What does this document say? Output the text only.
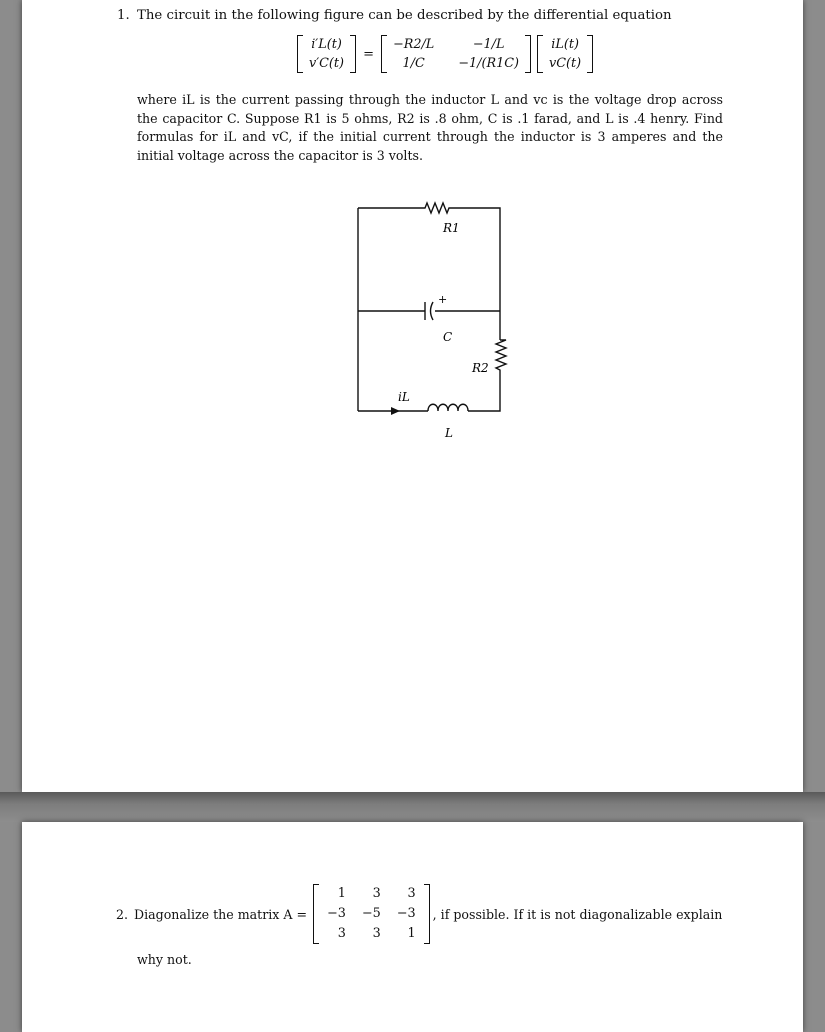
1. The circuit in the following figure can be described by the differential equation
i′L(t)
v′C(t)
=
−R2/L	−1/L
1/C	−1/(R1C)
iL(t)
vC(t)
where iL is the current passing through the inductor L and vc is the voltage drop across the capacitor C. Suppose R1 is 5 ohms, R2 is .8 ohm, C is .1 farad, and L is .4 henry. Find formulas for iL and vC, if the initial current through the inductor is 3 amperes and the initial voltage across the capacitor is 3 volts.
R1
+
C
R2
iL
L
2. Diagonalize the matrix A =
1	3	3
−3	−5	−3
3	3	1
, if possible. If it is not diagonalizable explain
why not.
